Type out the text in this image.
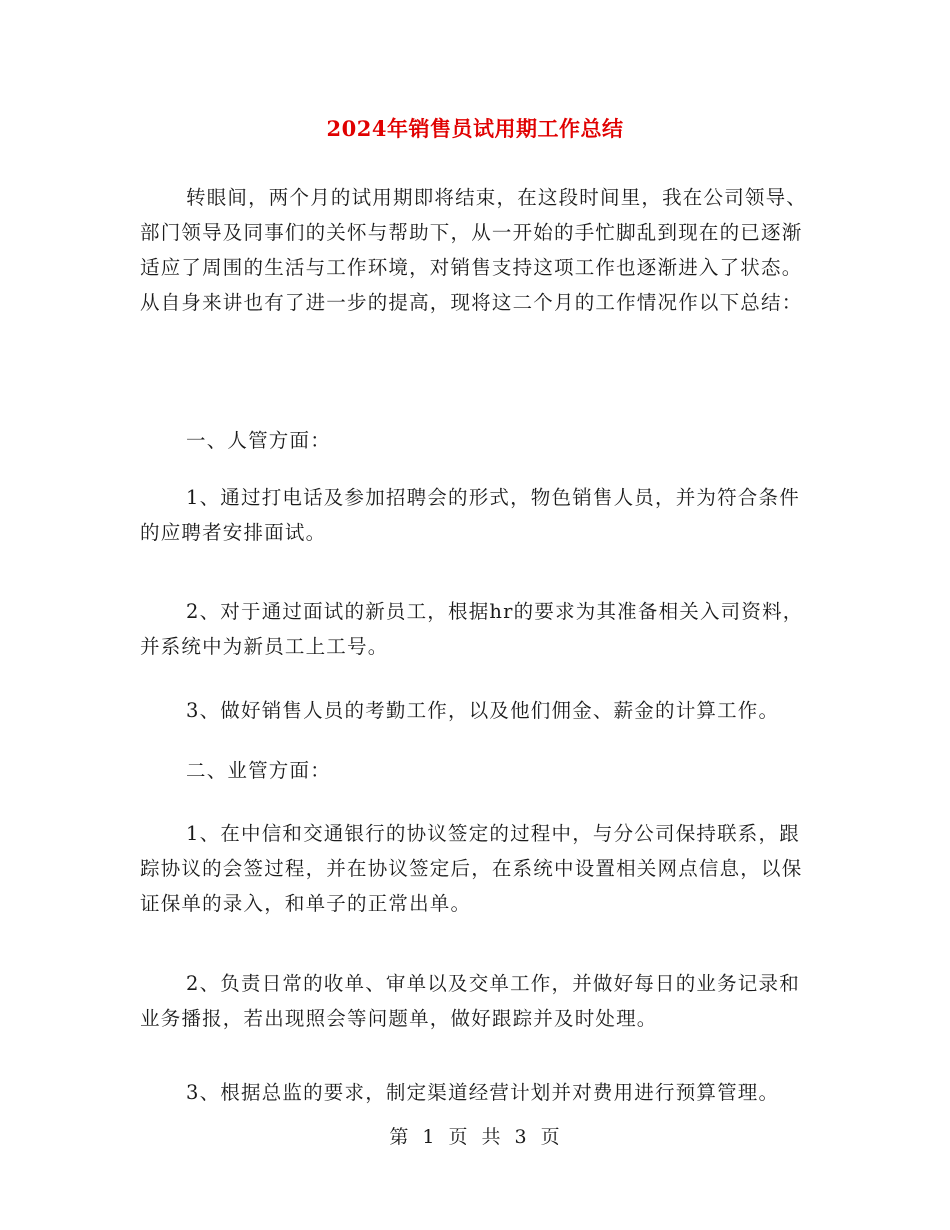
2024年销售员试用期工作总结

转眼间，两个月的试用期即将结束，在这段时间里，我在公司领导、部门领导及同事们的关怀与帮助下，从一开始的手忙脚乱到现在的已逐渐适应了周围的生活与工作环境，对销售支持这项工作也逐渐进入了状态。从自身来讲也有了进一步的提高，现将这二个月的工作情况作以下总结：

一、人管方面：

1、通过打电话及参加招聘会的形式，物色销售人员，并为符合条件的应聘者安排面试。

2、对于通过面试的新员工，根据hr的要求为其准备相关入司资料，并系统中为新员工上工号。

3、做好销售人员的考勤工作，以及他们佣金、薪金的计算工作。

二、业管方面：

1、在中信和交通银行的协议签定的过程中，与分公司保持联系，跟踪协议的会签过程，并在协议签定后，在系统中设置相关网点信息，以保证保单的录入，和单子的正常出单。

2、负责日常的收单、审单以及交单工作，并做好每日的业务记录和业务播报，若出现照会等问题单，做好跟踪并及时处理。

3、根据总监的要求，制定渠道经营计划并对费用进行预算管理。

第 1 页 共 3 页
